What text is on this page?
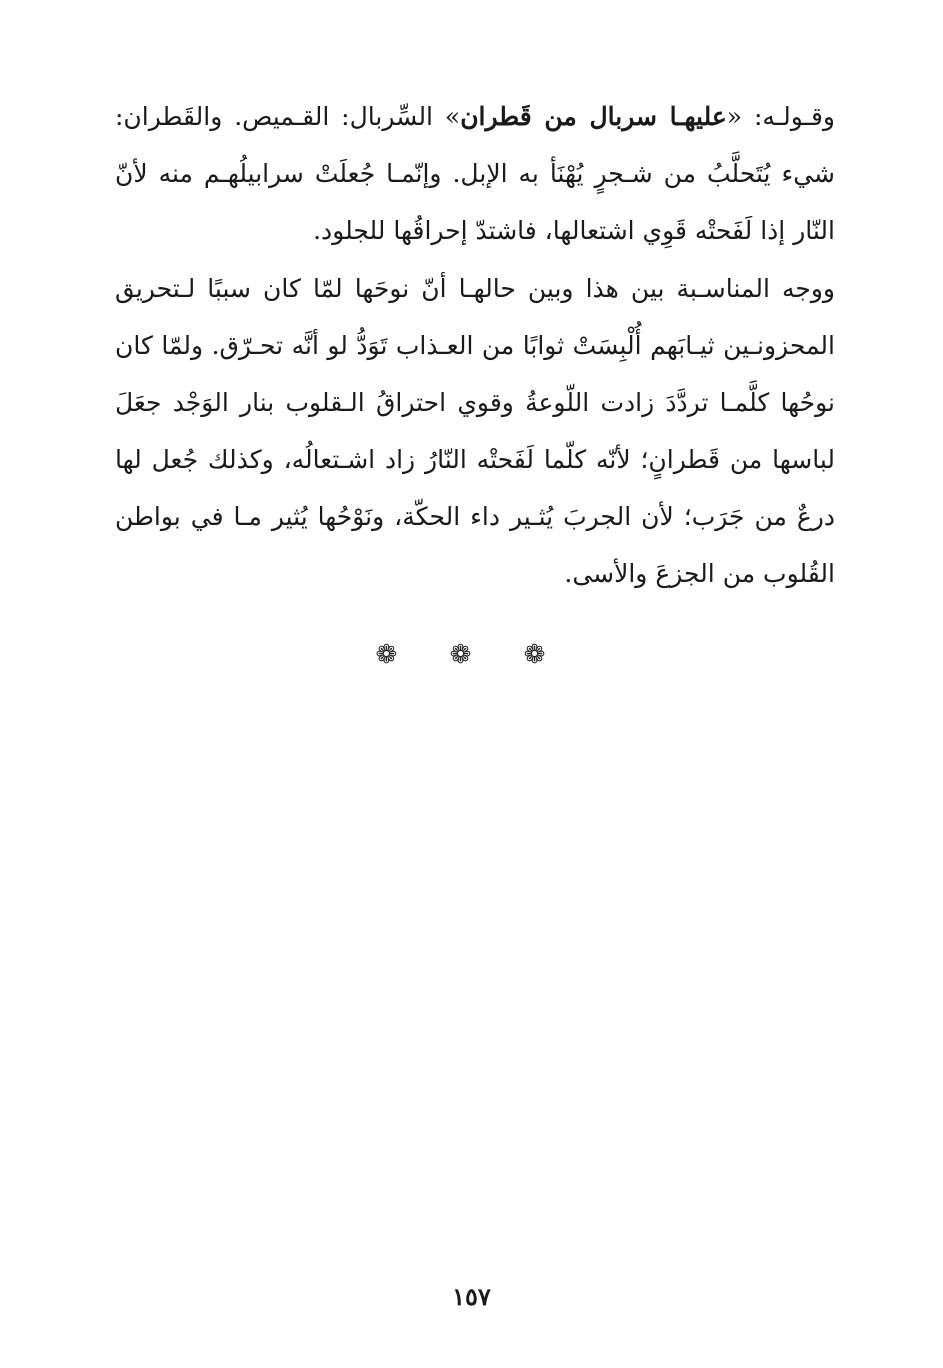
وقـولـه: «عليهـا سربال من قَطران» السِّربال: القـميص. والقَطران: شيء يُتَحلَّبُ من شـجرٍ يُهْنَأ به الإبل. وإنّمـا جُعلَتْ سرابيلُهـم منه لأنّ النّار إذا لَفَحتْه قَوِي اشتعالها، فاشتدّ إحراقُها للجلود.
ووجه المناسـبة بين هذا وبين حالهـا أنّ نوحَها لمّا كان سببًا لـتحريق المحزونـين ثيـابَهم أُلْبِسَتْ ثوابًا من العـذاب تَوَدُّ لو أنَّه تحـرّق. ولمّا كان نوحُها كلَّمـا تردَّدَ زادت اللّوعةُ وقوي احتراقُ الـقلوب بنار الوَجْد جعَلَ لباسها من قَطرانٍ؛ لأنّه كلّما لَفَحتْه النّارُ زاد اشـتعالُه، وكذلك جُعل لها درعٌ من جَرَب؛ لأن الجربَ يُثـير داء الحكّة، ونَوْحُها يُثير مـا في بواطن القُلوب من الجزعَ والأسى.
❁ ❁ ❁
١٥٧
